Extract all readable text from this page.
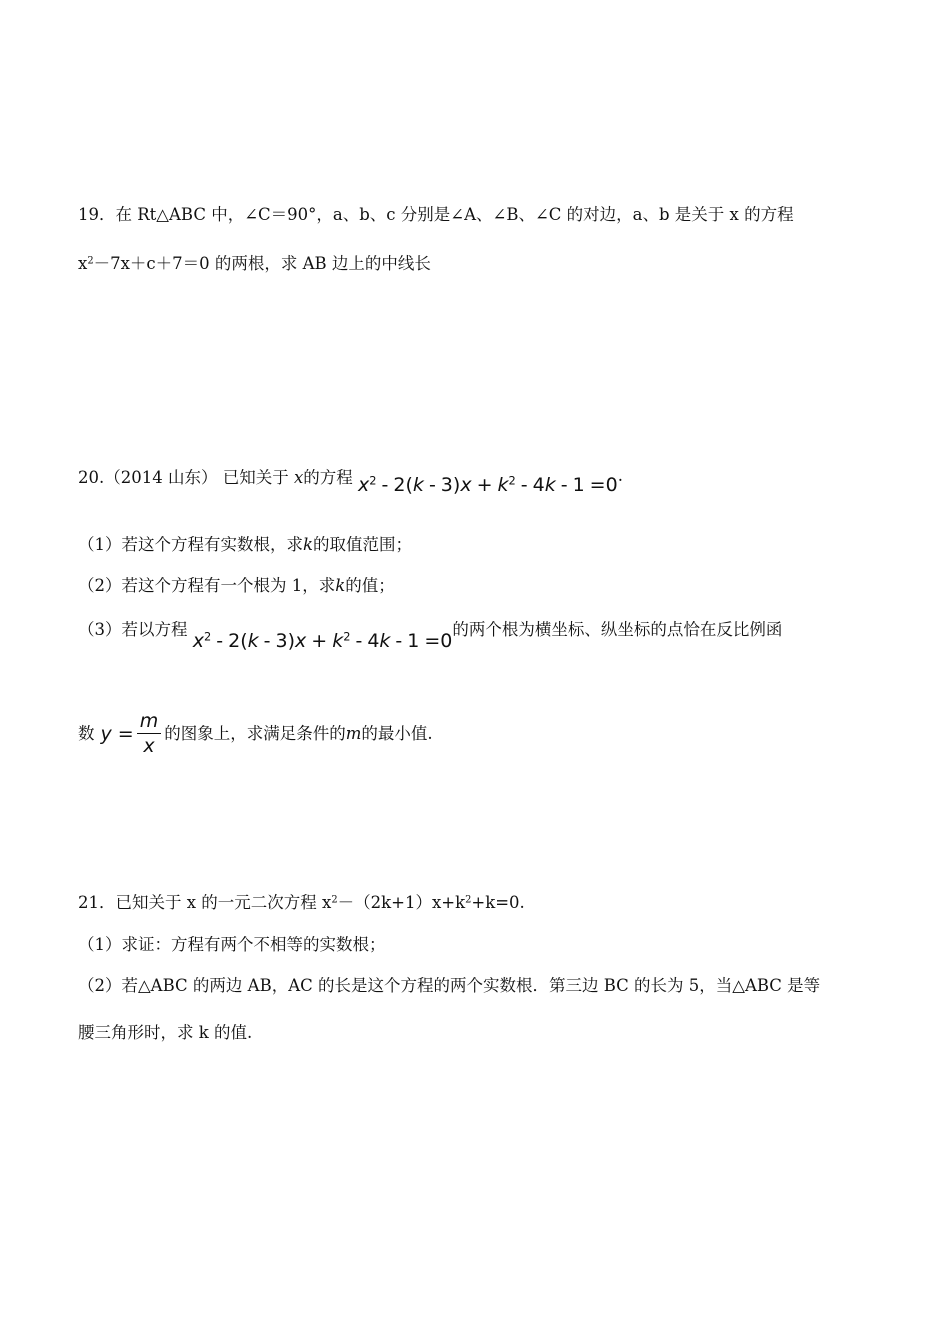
19．在 Rt△ABC 中，∠C＝90°，a、b、c 分别是∠A、∠B、∠C 的对边，a、b 是关于 x 的方程
$x^2-7x+c+7=0$ 的两根，求 AB 边上的中线长
20.（2014 山东） 已知关于 x的方程 $x^2 - 2(k - 3)x + k^2 - 4k - 1 =0$.
（1）若这个方程有实数根，求k的取值范围；
（2）若这个方程有一个根为 1，求k的值；
（3）若以方程 $x^2 - 2(k - 3)x + k^2 - 4k - 1 =0$的两个根为横坐标、纵坐标的点恰在反比例函
数 $y = \frac{m}{x}$ 的图象上，求满足条件的 m 的最小值.
21．已知关于 x 的一元二次方程 $x^2-(2k+1)x+k^2+k=0$.
（1）求证：方程有两个不相等的实数根；
（2）若△ABC 的两边 AB，AC 的长是这个方程的两个实数根．第三边 BC 的长为 5，当△ABC 是等
腰三角形时，求 k 的值.
